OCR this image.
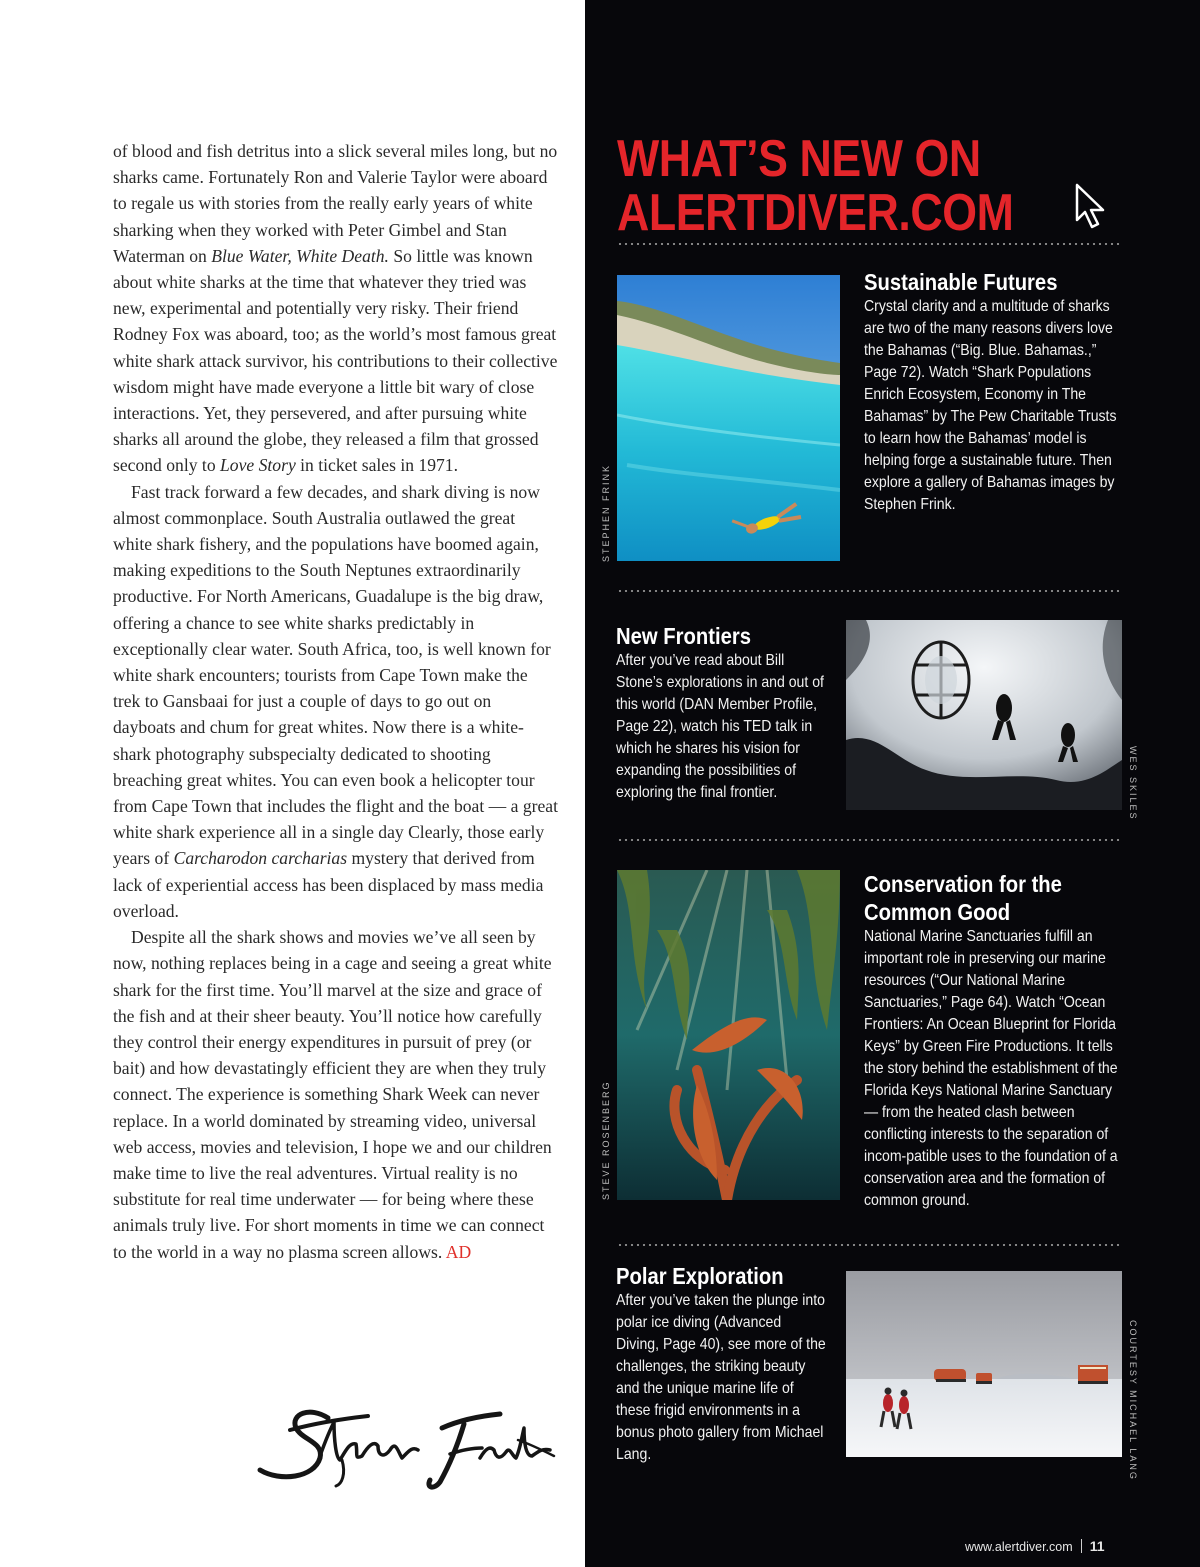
of blood and fish detritus into a slick several miles long, but no sharks came. Fortunately Ron and Valerie Taylor were aboard to regale us with stories from the really early years of white sharking when they worked with Peter Gimbel and Stan Waterman on Blue Water, White Death. So little was known about white sharks at the time that whatever they tried was new, experimental and potentially very risky. Their friend Rodney Fox was aboard, too; as the world’s most famous great white shark attack survivor, his contributions to their collective wisdom might have made everyone a little bit wary of close interactions. Yet, they persevered, and after pursuing white sharks all around the globe, they released a film that grossed second only to Love Story in ticket sales in 1971.

Fast track forward a few decades, and shark diving is now almost commonplace. South Australia outlawed the great white shark fishery, and the populations have boomed again, making expeditions to the South Neptunes extraordinarily productive. For North Americans, Guadalupe is the big draw, offering a chance to see white sharks predictably in exceptionally clear water. South Africa, too, is well known for white shark encounters; tourists from Cape Town make the trek to Gansbaai for just a couple of days to go out on dayboats and chum for great whites. Now there is a white-shark photography subspecialty dedicated to shooting breaching great whites. You can even book a helicopter tour from Cape Town that includes the flight and the boat — a great white shark experience all in a single day Clearly, those early years of Carcharodon carcharias mystery that derived from lack of experiential access has been displaced by mass media overload.

Despite all the shark shows and movies we’ve all seen by now, nothing replaces being in a cage and seeing a great white shark for the first time. You’ll marvel at the size and grace of the fish and at their sheer beauty. You’ll notice how carefully they control their energy expenditures in pursuit of prey (or bait) and how devastatingly efficient they are when they truly connect. The experience is something Shark Week can never replace. In a world dominated by streaming video, universal web access, movies and television, I hope we and our children make time to live the real adventures. Virtual reality is no substitute for real time underwater — for being where these animals truly live. For short moments in time we can connect to the world in a way no plasma screen allows. AD

WHAT’S NEW ON
ALERTDIVER.COM
STEPHEN FRINK
Sustainable Futures
Crystal clarity and a multitude of sharks are two of the many reasons divers love the Bahamas (“Big. Blue. Bahamas.,” Page 72). Watch “Shark Populations Enrich Ecosystem, Economy in The Bahamas” by The Pew Charitable Trusts to learn how the Bahamas’ model is helping forge a sustainable future. Then explore a gallery of Bahamas images by Stephen Frink.
New Frontiers
After you’ve read about Bill Stone’s explorations in and out of this world (DAN Member Profile, Page 22), watch his TED talk in which he shares his vision for expanding the possibilities of exploring the final frontier.	WES SKILES
STEVE ROSENBERG
Conservation for the
Common Good
National Marine Sanctuaries fulfill an important role in preserving our marine resources (“Our National Marine Sanctuaries,” Page 64). Watch “Ocean Frontiers: An Ocean Blueprint for Florida Keys” by Green Fire Productions. It tells the story behind the establishment of the Florida Keys National Marine Sanctuary — from the heated clash between conflicting interests to the separation of incom-patible uses to the foundation of a conservation area and the formation of common ground.
Polar Exploration
After you’ve taken the plunge into polar ice diving (Advanced Diving, Page 40), see more of the challenges, the striking beauty and the unique marine life of these frigid environments in a bonus photo gallery from Michael Lang.	COURTESY MICHAEL LANG
www.alertdiver.com 11
